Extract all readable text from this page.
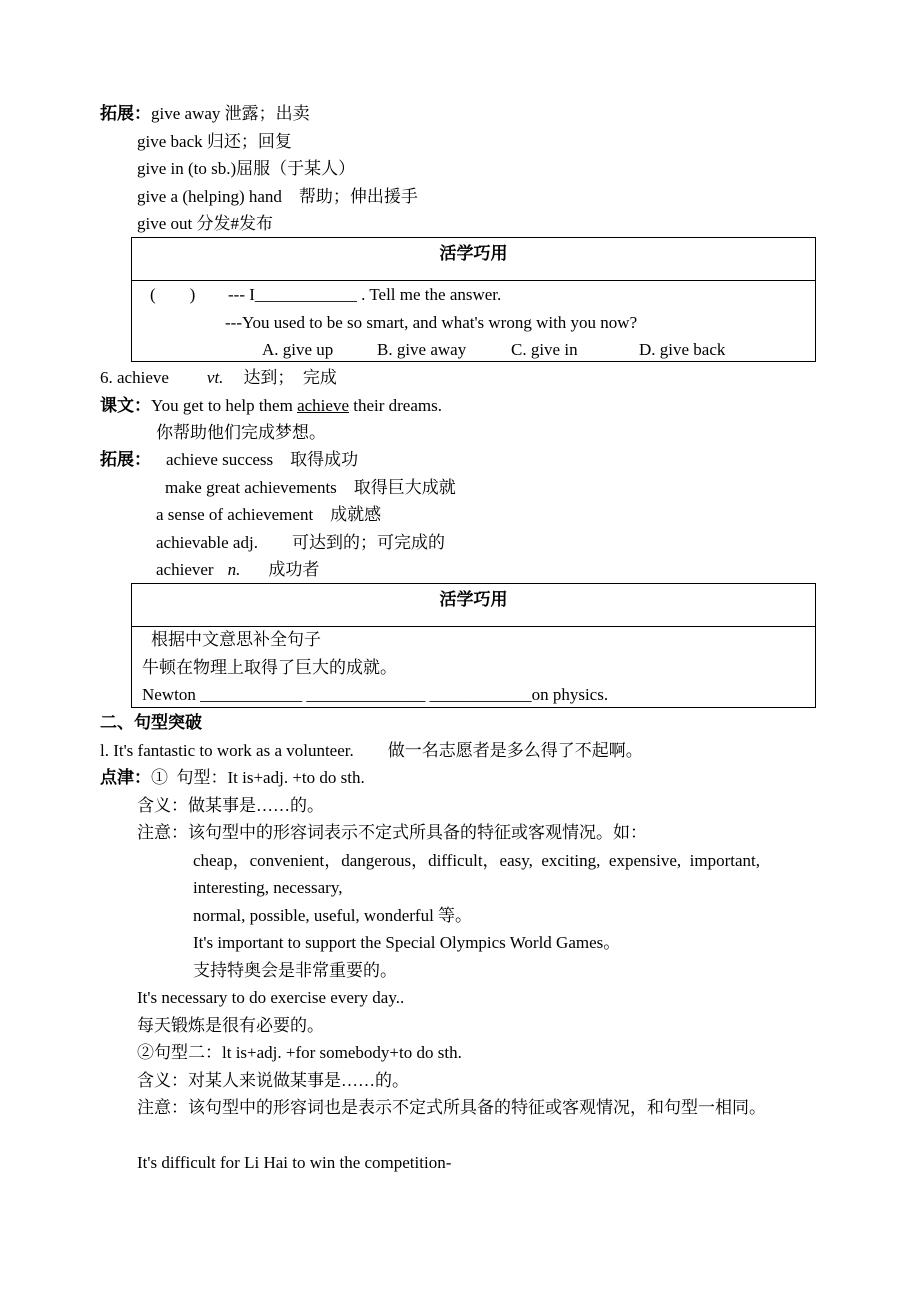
拓展：give away 泄露；出卖
give back 归还；回复
give in (to sb.)屈服（于某人）
give a (helping) hand　帮助；伸出援手
give out 分发#发布
活学巧用
(　　) --- I____________ . Tell me the answer.
---You used to be so smart, and what's wrong with you now?
A. give up	B. give away	C. give in	D. give back
6. achieve vt. 达到；　完成
课文：You get to help them achieve their dreams.
你帮助他们完成梦想。
拓展： achieve success　取得成功
make great achievements　取得巨大成就
a sense of achievement　成就感
achievable adj.　　可达到的；可完成的
achiever n. 成功者
活学巧用
根据中文意思补全句子
牛顿在物理上取得了巨大的成就。
Newton ____________ ______________ ____________on physics.
二、句型突破
l. It's fantastic to work as a volunteer.　　做一名志愿者是多么得了不起啊。
点津：①  句型：It is+adj. +to do sth.
含义：做某事是……的。
注意：该句型中的形容词表示不定式所具备的特征或客观情况。如：
cheap，convenient，dangerous，difficult，easy,  exciting,  expensive,  important,
interesting, necessary,
normal, possible, useful, wonderful 等。
It's important to support the Special Olympics World Games。
支持特奥会是非常重要的。
It's necessary to do exercise every day..
每天锻炼是很有必要的。
②句型二：lt is+adj. +for somebody+to do sth.
含义：对某人来说做某事是……的。
注意：该句型中的形容词也是表示不定式所具备的特征或客观情况，和句型一相同。
It's difficult for Li Hai to win the competition-
